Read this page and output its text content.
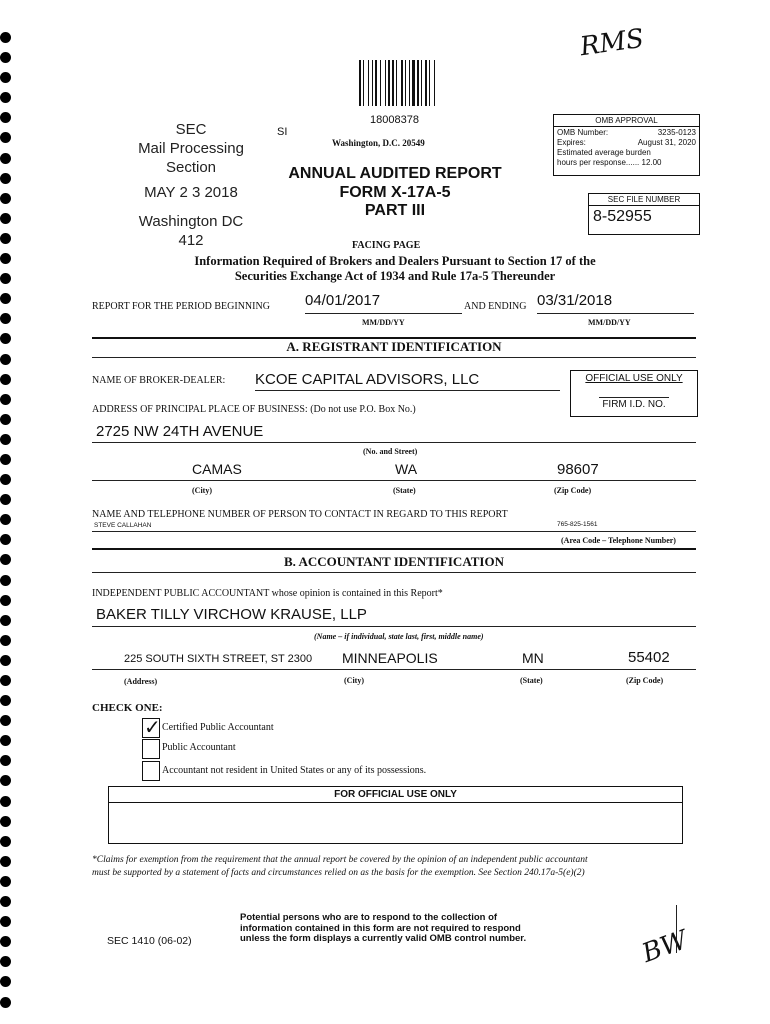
RMS
18008378
SEC
Mail Processing
Section
MAY 2 3 2018
Washington DC
412
SI
Washington, D.C. 20549
ANNUAL AUDITED REPORT
FORM X-17A-5
PART III
OMB APPROVAL
OMB Number:	3235-0123
Expires:	August 31, 2020
Estimated average burden
hours per response...... 12.00
SEC FILE NUMBER
8-52955
FACING PAGE
Information Required of Brokers and Dealers Pursuant to Section 17 of the
Securities Exchange Act of 1934 and Rule 17a-5 Thereunder
REPORT FOR THE PERIOD BEGINNING 04/01/2017	AND ENDING 03/31/2018
MM/DD/YY	MM/DD/YY
A. REGISTRANT IDENTIFICATION
NAME OF BROKER-DEALER: KCOE CAPITAL ADVISORS, LLC	OFFICIAL USE ONLY
FIRM I.D. NO.
ADDRESS OF PRINCIPAL PLACE OF BUSINESS: (Do not use P.O. Box No.)
2725 NW 24TH AVENUE
(No. and Street)
CAMAS	WA	98607
(City)	(State)	(Zip Code)
NAME AND TELEPHONE NUMBER OF PERSON TO CONTACT IN REGARD TO THIS REPORT
STEVE CALLAHAN	765-825-1561
(Area Code – Telephone Number)
B. ACCOUNTANT IDENTIFICATION
INDEPENDENT PUBLIC ACCOUNTANT whose opinion is contained in this Report*
BAKER TILLY VIRCHOW KRAUSE, LLP
(Name – if individual, state last, first, middle name)
225 SOUTH SIXTH STREET, ST 2300 MINNEAPOLIS	MN	55402
(Address)	(City)	(State)	(Zip Code)
CHECK ONE:
✓ Certified Public Accountant
Public Accountant
Accountant not resident in United States or any of its possessions.
FOR OFFICIAL USE ONLY
*Claims for exemption from the requirement that the annual report be covered by the opinion of an independent public accountant
must be supported by a statement of facts and circumstances relied on as the basis for the exemption. See Section 240.17a-5(e)(2)
SEC 1410 (06-02)
Potential persons who are to respond to the collection of
information contained in this form are not required to respond
unless the form displays a currently valid OMB control number.	BW
